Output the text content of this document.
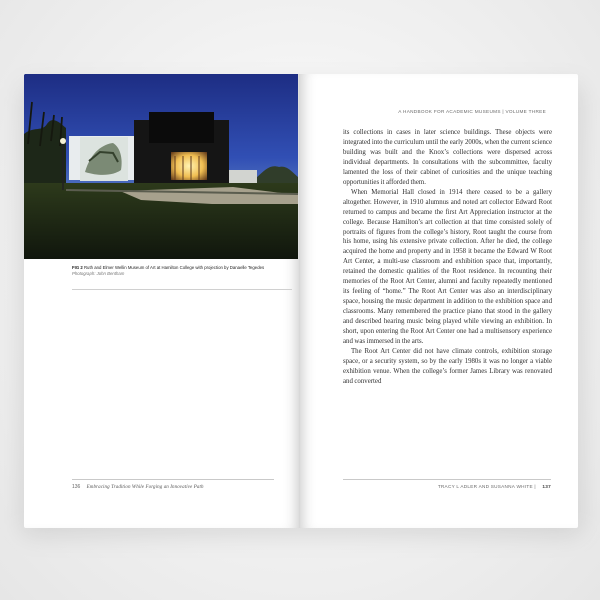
FIG 2 Ruth and Elmer Wellin Museum of Art at Hamilton College with projection by Danaelle Tegedes
Photograph: John Bentham
136 Embracing Tradition While Forging an Innovative Path
A HANDBOOK FOR ACADEMIC MUSEUMS | VOLUME THREE

its collections in cases in later science buildings. These objects were integrated into the curriculum until the early 2000s, when the current science building was built and the Knox’s collections were dispersed across individual departments. In consultations with the subcommittee, faculty lamented the loss of their cabinet of curiosities and the unique teaching opportunities it afforded them.

When Memorial Hall closed in 1914 there ceased to be a gallery altogether. However, in 1910 alumnus and noted art collector Edward Root returned to campus and became the first Art Appreciation instructor at the college. Because Hamilton’s art collection at that time consisted solely of portraits of figures from the college’s history, Root taught the course from his home, using his extensive private collection. After he died, the college acquired the home and property and in 1958 it became the Edward W Root Art Center, a multi-use classroom and exhibition space that, importantly, retained the domestic qualities of the Root residence. In recounting their memories of the Root Art Center, alumni and faculty repeatedly mentioned its feeling of “home.” The Root Art Center was also an interdisciplinary space, housing the music department in addition to the exhibition space and classrooms. Many remembered the practice piano that stood in the gallery and described hearing music being played while viewing an exhibition. In short, upon entering the Root Art Center one had a multisensory experience and was immersed in the arts.

The Root Art Center did not have climate controls, exhibition storage space, or a security system, so by the early 1980s it was no longer a viable exhibition venue. When the college’s former James Library was renovated and converted

TRACY L ADLER AND SUSANNA WHITE | 137
